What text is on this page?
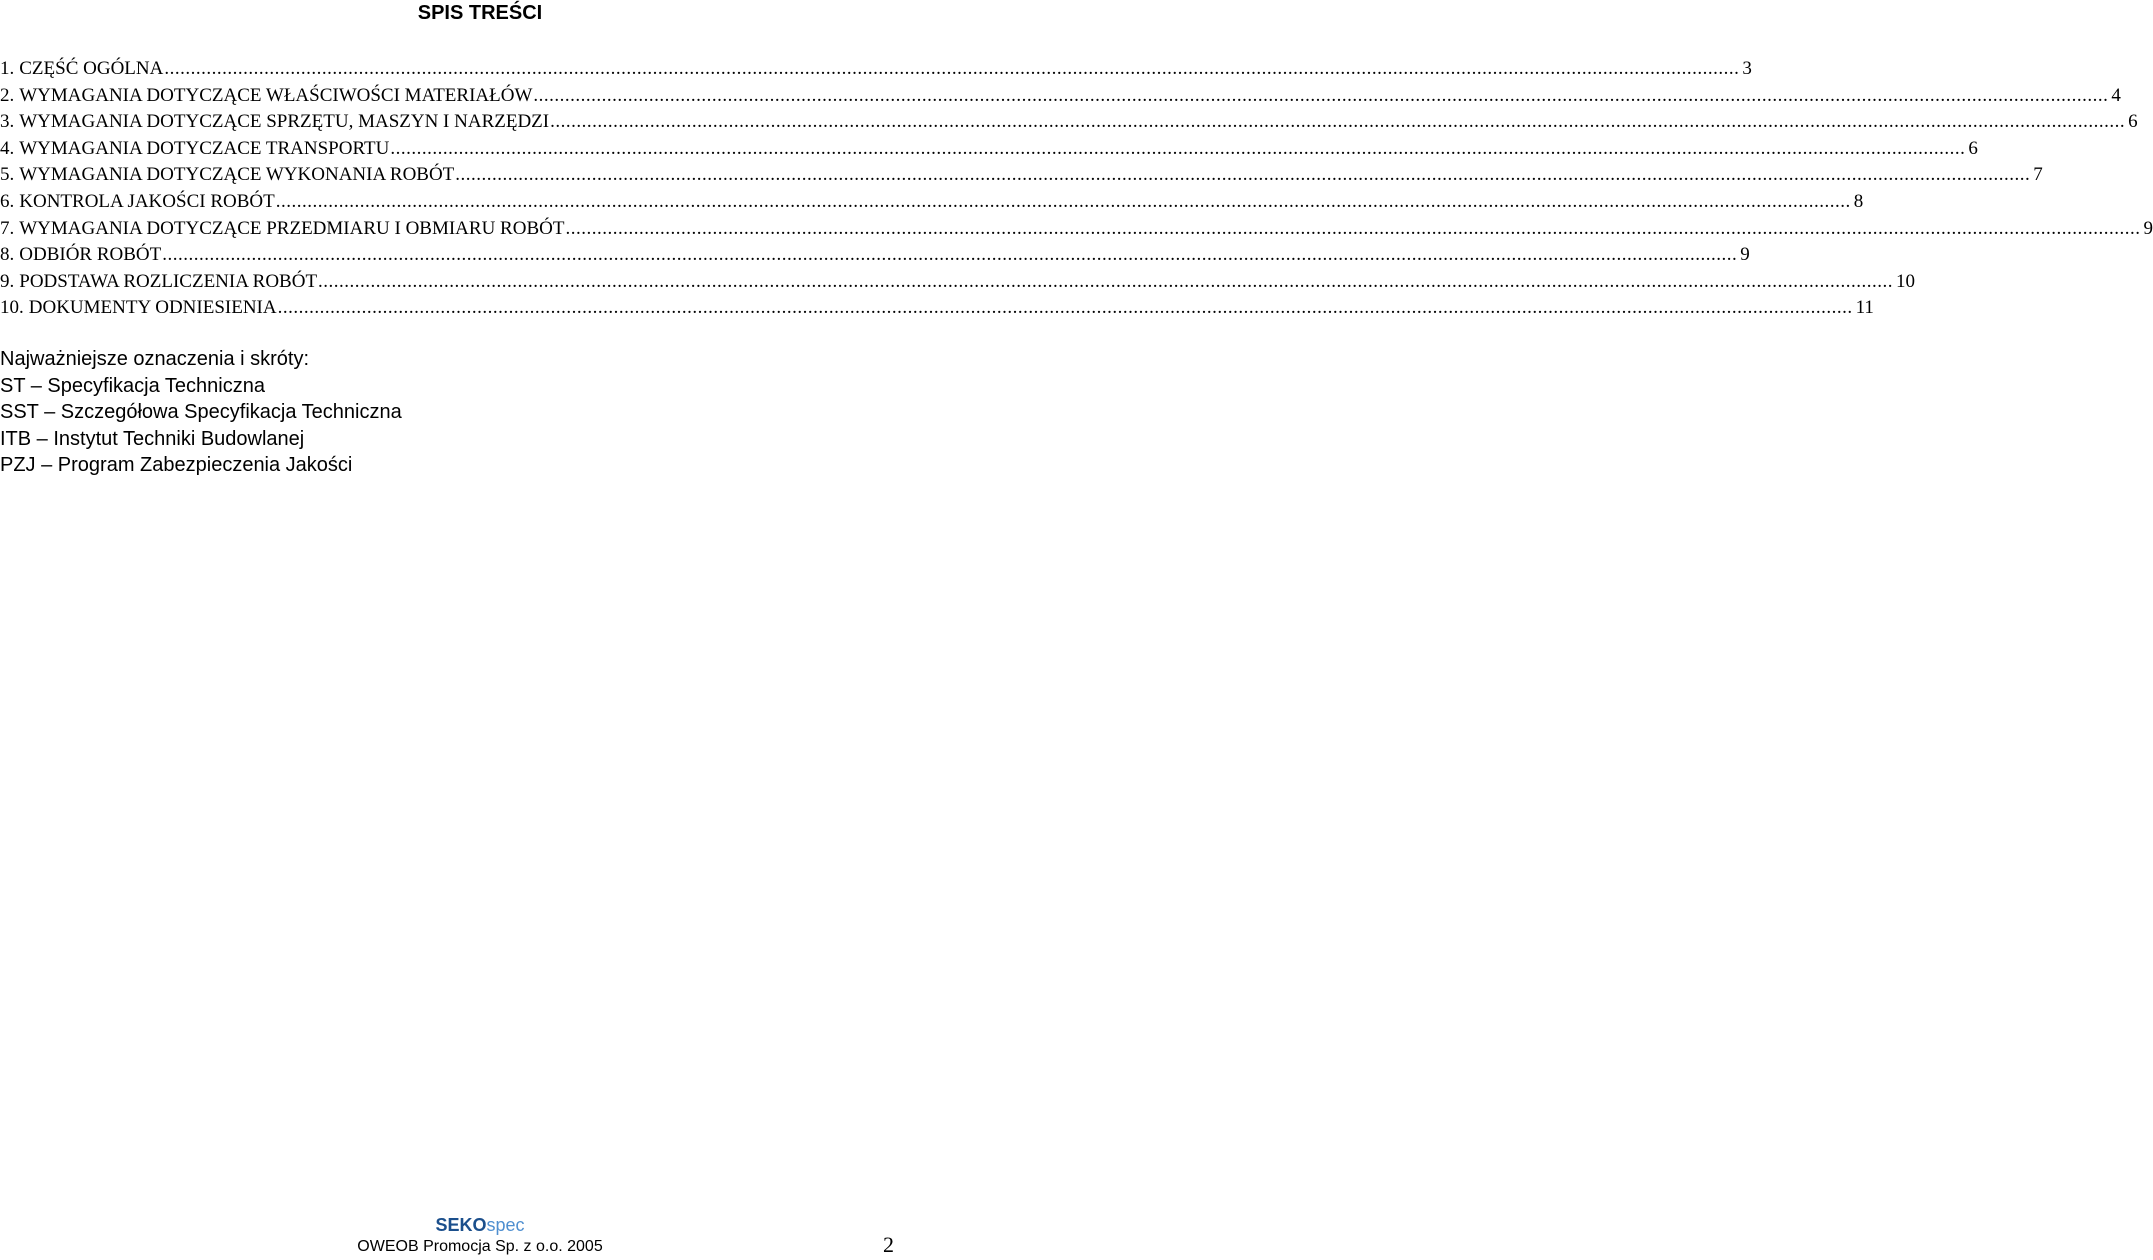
SPIS TREŚCI
1. CZĘŚĆ OGÓLNA ............................................................................................................................................................................................................................................................................................................ 3
2. WYMAGANIA DOTYCZĄCE WŁAŚCIWOŚCI MATERIAŁÓW ............................................................................................................................................................................................................................................................................................................ 4
3. WYMAGANIA DOTYCZĄCE SPRZĘTU, MASZYN I NARZĘDZI ............................................................................................................................................................................................................................................................................................................ 6
4. WYMAGANIA DOTYCZACE TRANSPORTU ............................................................................................................................................................................................................................................................................................................ 6
5. WYMAGANIA DOTYCZĄCE WYKONANIA ROBÓT ............................................................................................................................................................................................................................................................................................................ 7
6. KONTROLA JAKOŚCI ROBÓT ............................................................................................................................................................................................................................................................................................................ 8
7. WYMAGANIA DOTYCZĄCE PRZEDMIARU I OBMIARU ROBÓT ............................................................................................................................................................................................................................................................................................................ 9
8. ODBIÓR ROBÓT ............................................................................................................................................................................................................................................................................................................ 9
9. PODSTAWA ROZLICZENIA ROBÓT ............................................................................................................................................................................................................................................................................................................ 10
10. DOKUMENTY ODNIESIENIA ............................................................................................................................................................................................................................................................................................................ 11
Najważniejsze oznaczenia i skróty:
ST – Specyfikacja Techniczna
SST – Szczegółowa Specyfikacja Techniczna
ITB – Instytut Techniki Budowlanej
PZJ – Program Zabezpieczenia Jakości
SEKOspec
OWEOB Promocja Sp. z o.o. 2005	2
